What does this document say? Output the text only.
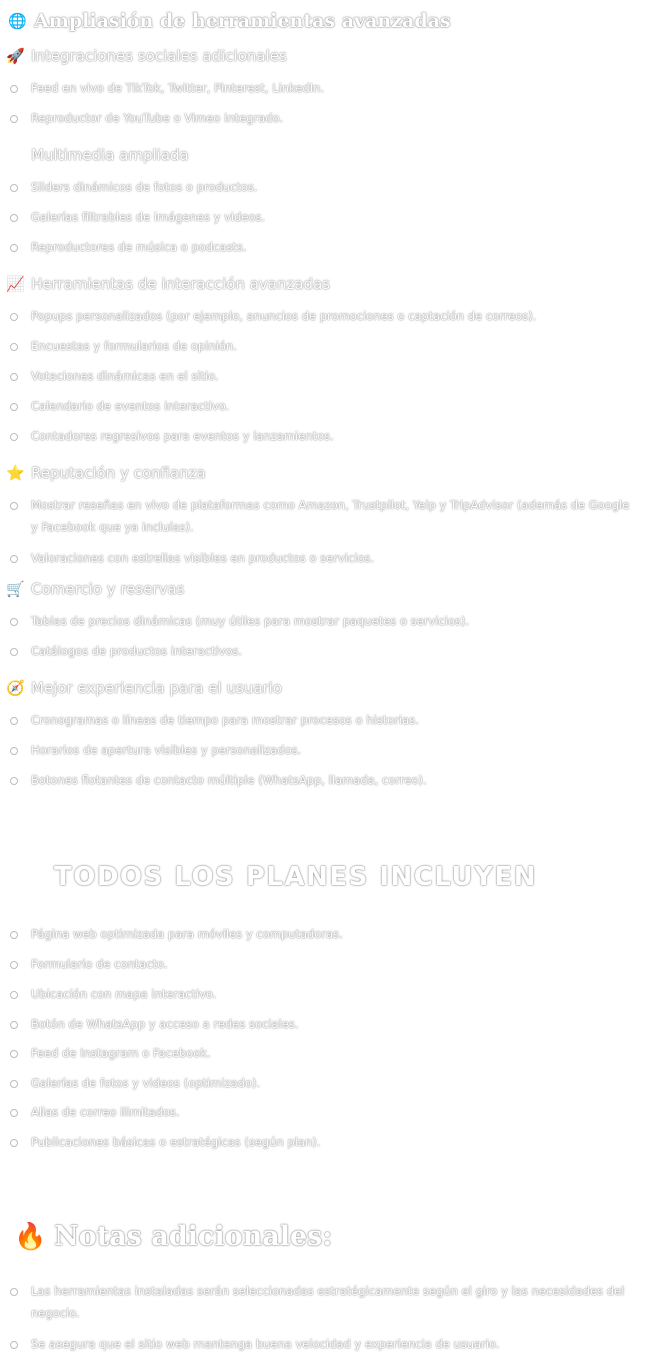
🌐 Ampliasión de herramientas avanzadas
🚀 Integraciones sociales adicionales
Feed en vivo de TikTok, Twitter, Pinterest, LinkedIn.
Reproductor de YouTube o Vimeo integrado.
🖼 Multimedia ampliada
Sliders dinámicos de fotos o productos.
Galerías filtrables de imágenes y videos.
Reproductores de música o podcasts.
📈 Herramientas de interacción avanzadas
Popups personalizados (por ejemplo, anuncios de promociones o captación de correos).
Encuestas y formularios de opinión.
Votaciones dinámicas en el sitio.
Calendario de eventos interactivo.
Contadores regresivos para eventos y lanzamientos.
⭐ Reputación y confianza
Mostrar reseñas en vivo de plataformas como Amazon, Trustpilot, Yelp y TripAdvisor (además de Google y Facebook que ya incluías).
Valoraciones con estrellas visibles en productos o servicios.
🛒 Comercio y reservas
Tablas de precios dinámicas (muy útiles para mostrar paquetes o servicios).
Catálogos de productos interactivos.
🧭 Mejor experiencia para el usuario
Cronogramas o líneas de tiempo para mostrar procesos o historias.
Horarios de apertura visibles y personalizados.
Botones flotantes de contacto múltiple (WhatsApp, llamada, correo).
🛠 TODOS LOS PLANES INCLUYEN
Página web optimizada para móviles y computadoras.
Formulario de contacto.
Ubicación con mapa interactivo.
Botón de WhatsApp y acceso a redes sociales.
Feed de Instagram o Facebook.
Galerías de fotos y videos (optimizado).
Alias de correo ilimitados.
Publicaciones básicas o estratégicas (según plan).
🔥 Notas adicionales:
Las herramientas instaladas serán seleccionadas estratégicamente según el giro y las necesidades del negocio.
Se asegura que el sitio web mantenga buena velocidad y experiencia de usuario.
